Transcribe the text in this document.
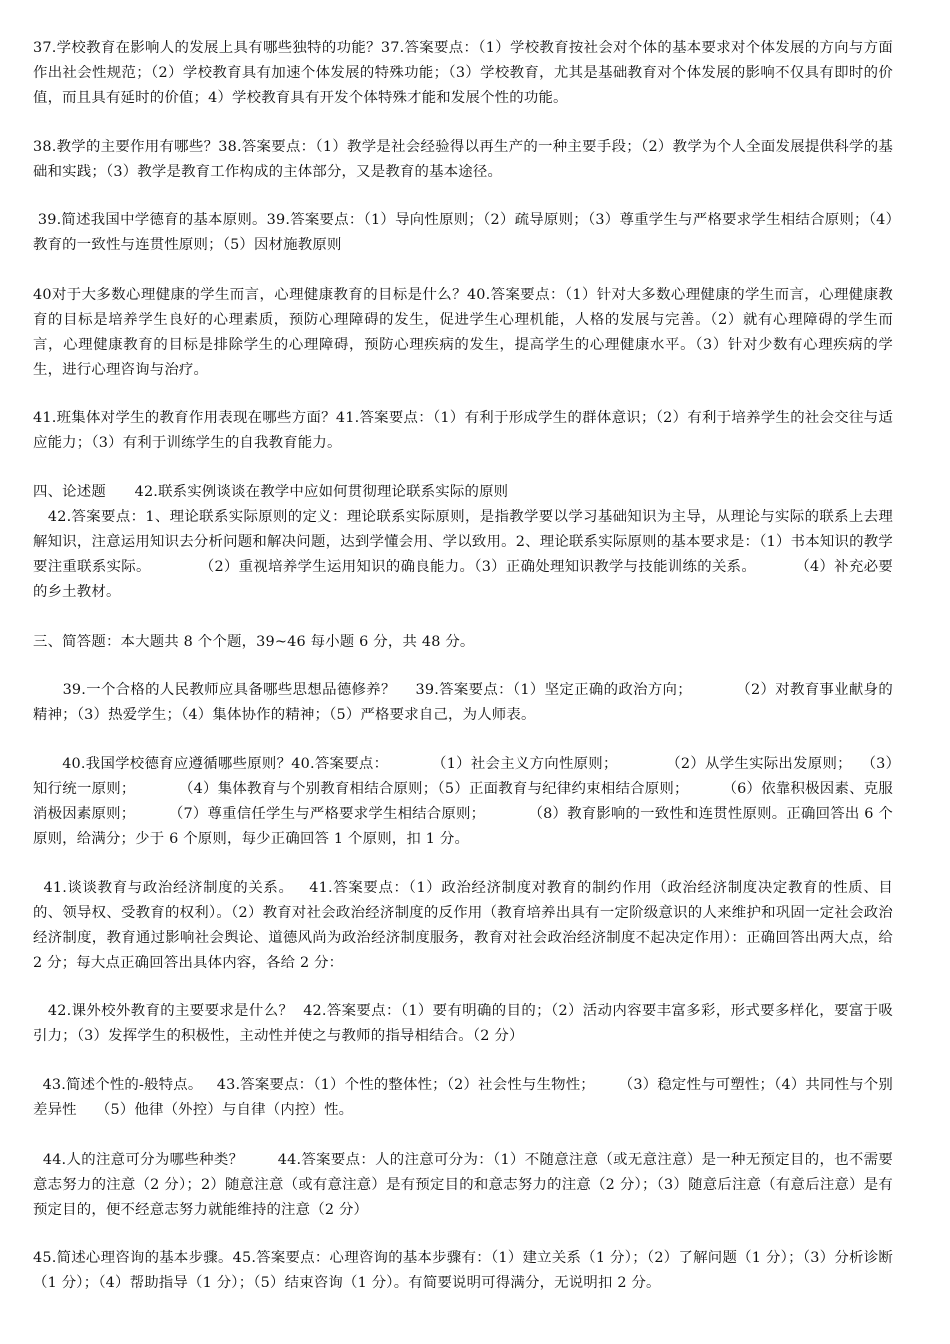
37.学校教育在影响人的发展上具有哪些独特的功能？37.答案要点：（1）学校教育按社会对个体的基本要求对个体发展的方向与方面作出社会性规范；（2）学校教育具有加速个体发展的特殊功能；（3）学校教育，尤其是基础教育对个体发展的影响不仅具有即时的价值，而且具有延时的价值；4）学校教育具有开发个体特殊才能和发展个性的功能。
38.教学的主要作用有哪些？38.答案要点：（1）教学是社会经验得以再生产的一种主要手段；（2）教学为个人全面发展提供科学的基础和实践；（3）教学是教育工作构成的主体部分，又是教育的基本途径。
39.简述我国中学德育的基本原则。39.答案要点：（1）导向性原则；（2）疏导原则；（3）尊重学生与严格要求学生相结合原则；（4）教育的一致性与连贯性原则；（5）因材施教原则
40对于大多数心理健康的学生而言，心理健康教育的目标是什么？40.答案要点：（1）针对大多数心理健康的学生而言，心理健康教育的目标是培养学生良好的心理素质，预防心理障碍的发生，促进学生心理机能，人格的发展与完善。（2）就有心理障碍的学生而言，心理健康教育的目标是排除学生的心理障碍，预防心理疾病的发生，提高学生的心理健康水平。（3）针对少数有心理疾病的学生，进行心理咨询与治疗。
41.班集体对学生的教育作用表现在哪些方面？41.答案要点：（1）有利于形成学生的群体意识；（2）有利于培养学生的社会交往与适应能力；（3）有利于训练学生的自我教育能力。
四、论述题      42.联系实例谈谈在教学中应如何贯彻理论联系实际的原则
42.答案要点：1、理论联系实际原则的定义：理论联系实际原则，是指教学要以学习基础知识为主导，从理论与实际的联系上去理解知识，注意运用知识去分析问题和解决问题，达到学懂会用、学以致用。2、理论联系实际原则的基本要求是：（1）书本知识的教学要注重联系实际。          （2）重视培养学生运用知识的确良能力。（3）正确处理知识教学与技能训练的关系。        （4）补充必要的乡土教材。
三、简答题：本大题共 8 个个题，39~46 每小题 6 分，共 48 分。
39.一个合格的人民教师应具备哪些思想品德修养？    39.答案要点：（1）坚定正确的政治方向；         （2）对教育事业献身的精神；（3）热爱学生；（4）集体协作的精神；（5）严格要求自己，为人师表。
40.我国学校德育应遵循哪些原则？40.答案要点：         （1）社会主义方向性原则；          （2）从学生实际出发原则；  （3）知行统一原则；         （4）集体教育与个别教育相结合原则；（5）正面教育与纪律约束相结合原则；       （6）依靠积极因素、克服消极因素原则；       （7）尊重信任学生与严格要求学生相结合原则；         （8）教育影响的一致性和连贯性原则。正确回答出 6 个原则，给满分；少于 6 个原则，每少正确回答 1 个原则，扣 1 分。
41.谈谈教育与政治经济制度的关系。   41.答案要点：（1）政治经济制度对教育的制约作用（政治经济制度决定教育的性质、目的、领导权、受教育的权利）。（2）教育对社会政治经济制度的反作用（教育培养出具有一定阶级意识的人来维护和巩固一定社会政治经济制度，教育通过影响社会舆论、道德风尚为政治经济制度服务，教育对社会政治经济制度不起决定作用）：正确回答出两大点，给 2 分；每大点正确回答出具体内容，各给 2 分：
42.课外校外教育的主要要求是什么？  42.答案要点：（1）要有明确的目的；（2）活动内容要丰富多彩，形式要多样化，要富于吸引力；（3）发挥学生的积极性，主动性并使之与教师的指导相结合。（2 分）
43.简述个性的-般特点。   43.答案要点：（1）个性的整体性；（2）社会性与生物性；     （3）稳定性与可塑性；（4）共同性与个别差异性    （5）他律（外控）与自律（内控）性。
44.人的注意可分为哪些种类？       44.答案要点：人的注意可分为：（1）不随意注意（或无意注意）是一种无预定目的，也不需要意志努力的注意（2 分）；2）随意注意（或有意注意）是有预定目的和意志努力的注意（2 分）；（3）随意后注意（有意后注意）是有预定目的，便不经意志努力就能维持的注意（2 分）
45.简述心理咨询的基本步骤。45.答案要点：心理咨询的基本步骤有：（1）建立关系（1 分）；（2）了解问题（1 分）；（3）分析诊断（1 分）；（4）帮助指导（1 分）；（5）结束咨询（1 分）。有简要说明可得满分，无说明扣 2 分。
